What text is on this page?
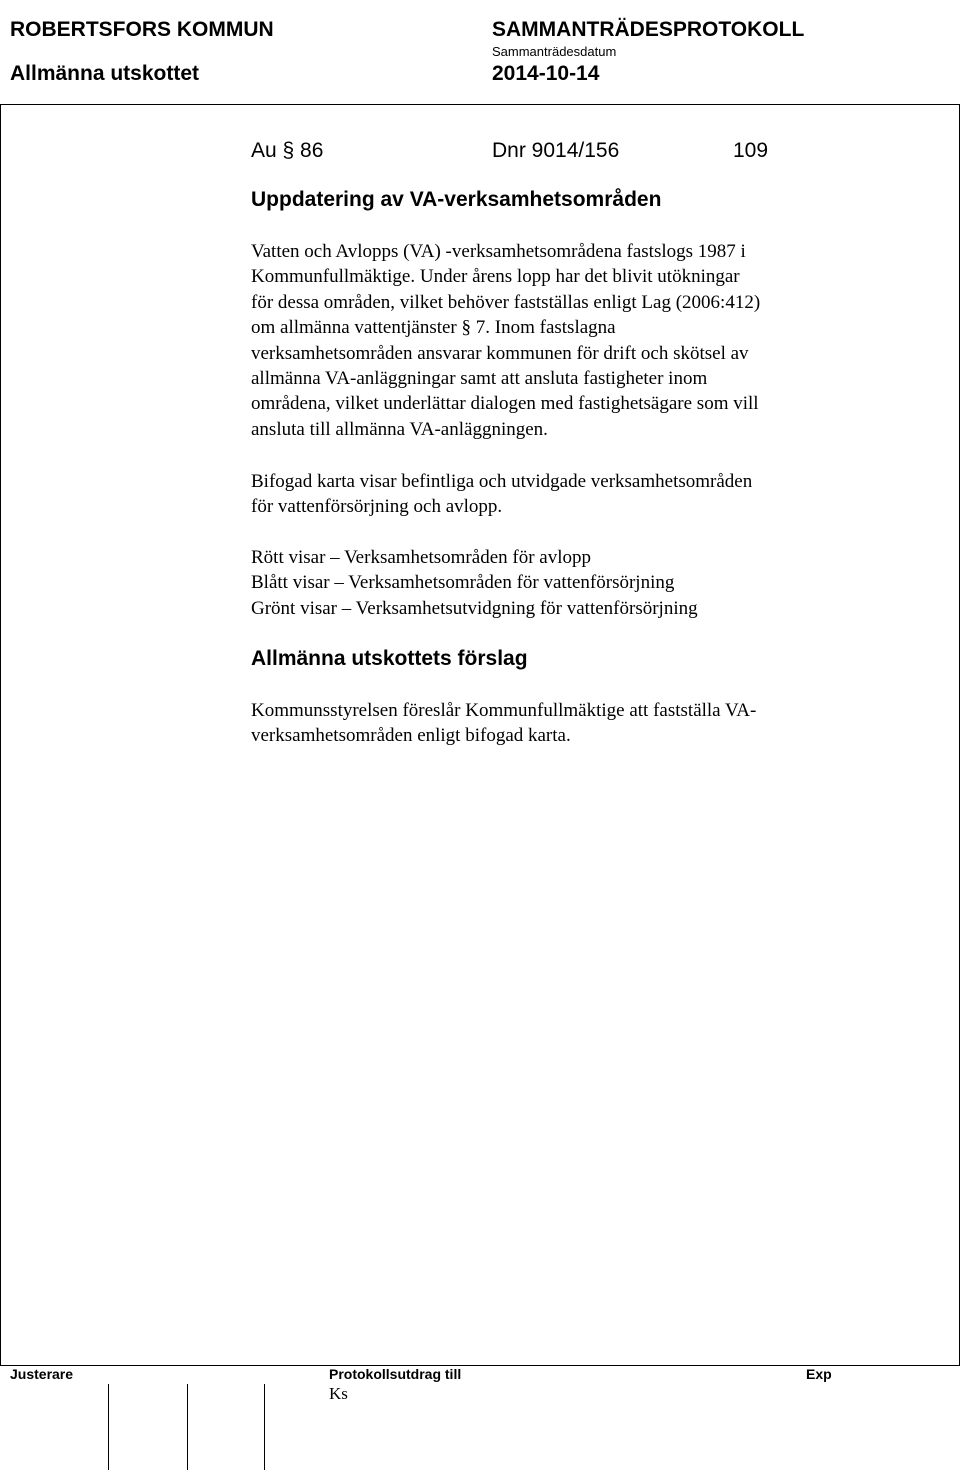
ROBERTSFORS KOMMUN
Allmänna utskottet
SAMMANTRÄDESPROTOKOLL
Sammanträdesdatum
2014-10-14
Au § 86	Dnr 9014/156	109
Uppdatering av VA-verksamhetsområden
Vatten och Avlopps (VA) -verksamhetsområdena fastslogs 1987 i
Kommunfullmäktige. Under årens lopp har det blivit utökningar
för dessa områden, vilket behöver fastställas enligt Lag (2006:412)
om allmänna vattentjänster § 7. Inom fastslagna
verksamhetsområden ansvarar kommunen för drift och skötsel av
allmänna VA-anläggningar samt att ansluta fastigheter inom
områdena, vilket underlättar dialogen med fastighetsägare som vill
ansluta till allmänna VA-anläggningen.
Bifogad karta visar befintliga och utvidgade verksamhetsområden
för vattenförsörjning och avlopp.
Rött visar – Verksamhetsområden för avlopp
Blått visar – Verksamhetsområden för vattenförsörjning
Grönt visar – Verksamhetsutvidgning för vattenförsörjning
Allmänna utskottets förslag
Kommunsstyrelsen föreslår Kommunfullmäktige att fastställa VA-
verksamhetsområden enligt bifogad karta.
Justerare	Protokollsutdrag till	Exp
Ks
